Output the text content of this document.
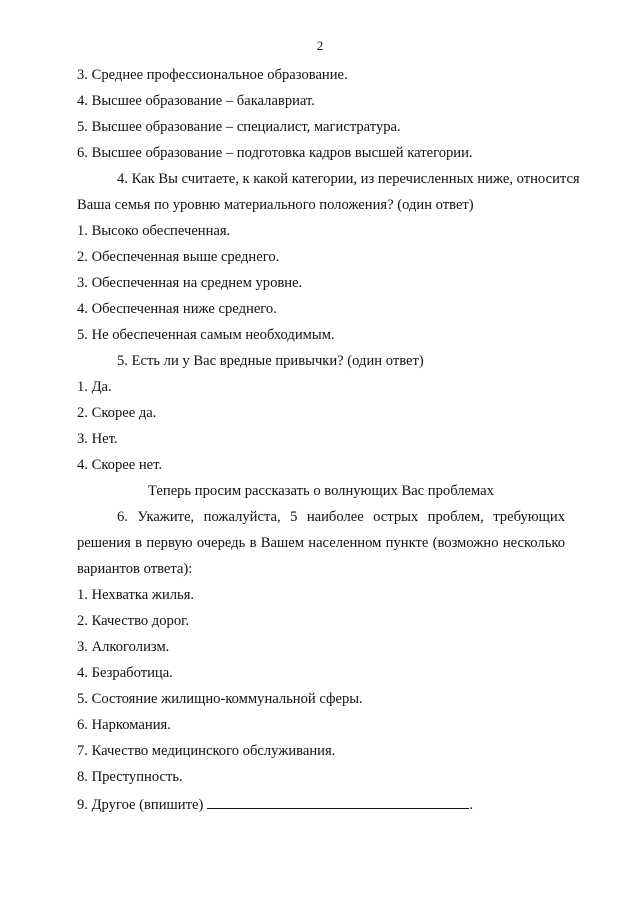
2
3. Среднее профессиональное образование.
4. Высшее образование – бакалавриат.
5. Высшее образование – специалист, магистратура.
6. Высшее образование – подготовка кадров высшей категории.
4. Как Вы считаете, к какой категории, из перечисленных ниже, относится
Ваша семья по уровню материального положения? (один ответ)
1. Высоко обеспеченная.
2. Обеспеченная выше среднего.
3. Обеспеченная на среднем уровне.
4. Обеспеченная ниже среднего.
5. Не обеспеченная самым необходимым.
5. Есть ли у Вас вредные привычки? (один ответ)
1. Да.
2. Скорее да.
3. Нет.
4. Скорее нет.
Теперь просим рассказать о волнующих Вас проблемах
6. Укажите, пожалуйста, 5 наиболее острых проблем, требующих
решения в первую очередь в Вашем населенном пункте (возможно несколько
вариантов ответа):
1. Нехватка жилья.
2. Качество дорог.
3. Алкоголизм.
4. Безработица.
5. Состояние жилищно-коммунальной сферы.
6. Наркомания.
7. Качество медицинского обслуживания.
8. Преступность.
9. Другое (впишите)	.
